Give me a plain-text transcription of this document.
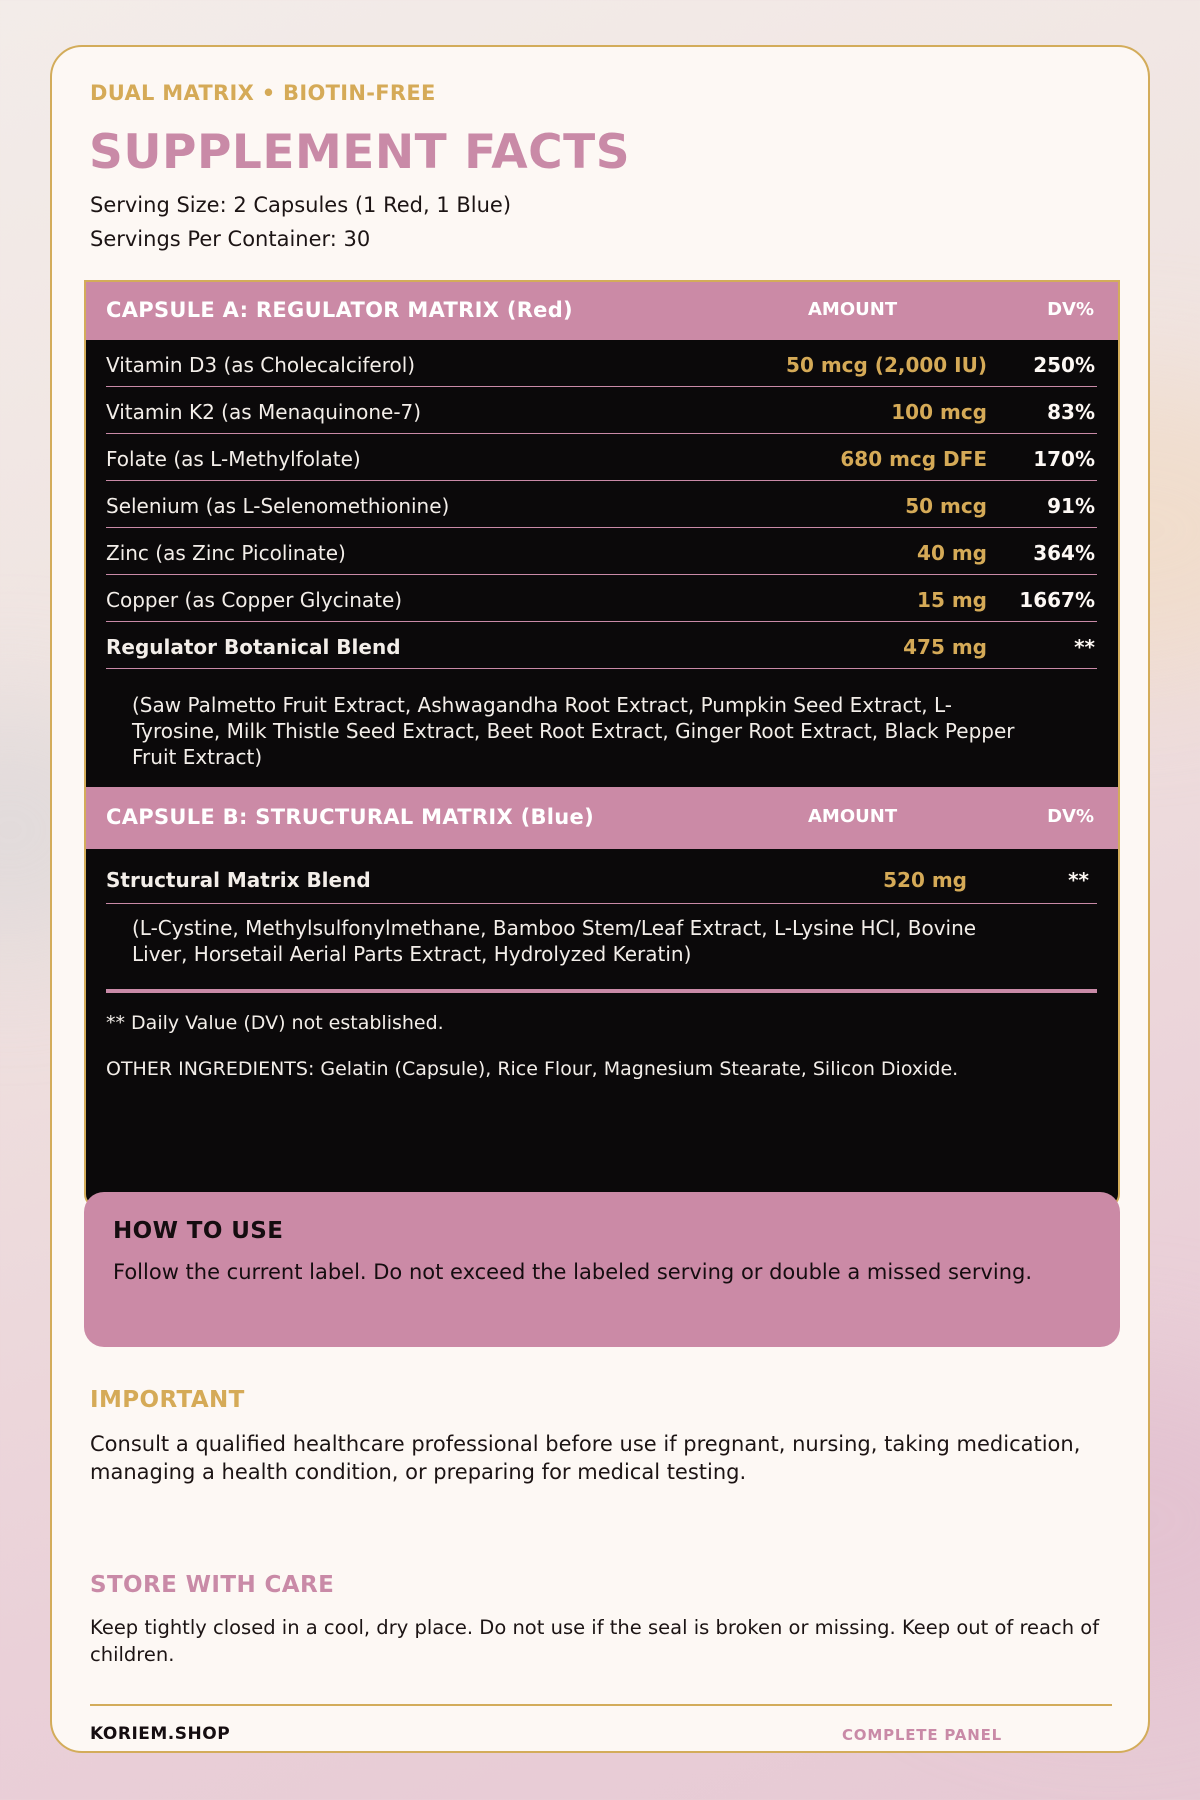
DUAL MATRIX • BIOTIN-FREE
SUPPLEMENT FACTS
Serving Size: 2 Capsules (1 Red, 1 Blue)
Servings Per Container: 30
CAPSULE A: REGULATOR MATRIX (Red)	AMOUNT	DV%
Vitamin D3 (as Cholecalciferol)	50 mcg (2,000 IU) 250%
Vitamin K2 (as Menaquinone-7)	100 mcg	83%
Folate (as L-Methylfolate)	680 mcg DFE 170%
Selenium (as L-Selenomethionine)	50 mcg	91%
Zinc (as Zinc Picolinate)	40 mg 364%
Copper (as Copper Glycinate)	15 mg 1667%
Regulator Botanical Blend	475 mg	**
(Saw Palmetto Fruit Extract, Ashwagandha Root Extract, Pumpkin Seed Extract, L-Tyrosine, Milk Thistle Seed Extract, Beet Root Extract, Ginger Root Extract, Black Pepper Fruit Extract)
CAPSULE B: STRUCTURAL MATRIX (Blue)	AMOUNT	DV%
Structural Matrix Blend	520 mg	**
(L-Cystine, Methylsulfonylmethane, Bamboo Stem/Leaf Extract, L-Lysine HCl, Bovine Liver, Horsetail Aerial Parts Extract, Hydrolyzed Keratin)
** Daily Value (DV) not established.
OTHER INGREDIENTS: Gelatin (Capsule), Rice Flour, Magnesium Stearate, Silicon Dioxide.
HOW TO USE
Follow the current label. Do not exceed the labeled serving or double a missed serving.
IMPORTANT
Consult a qualified healthcare professional before use if pregnant, nursing, taking medication, managing a health condition, or preparing for medical testing.
STORE WITH CARE
Keep tightly closed in a cool, dry place. Do not use if the seal is broken or missing. Keep out of reach of children.
KORIEM.SHOP	COMPLETE PANEL
